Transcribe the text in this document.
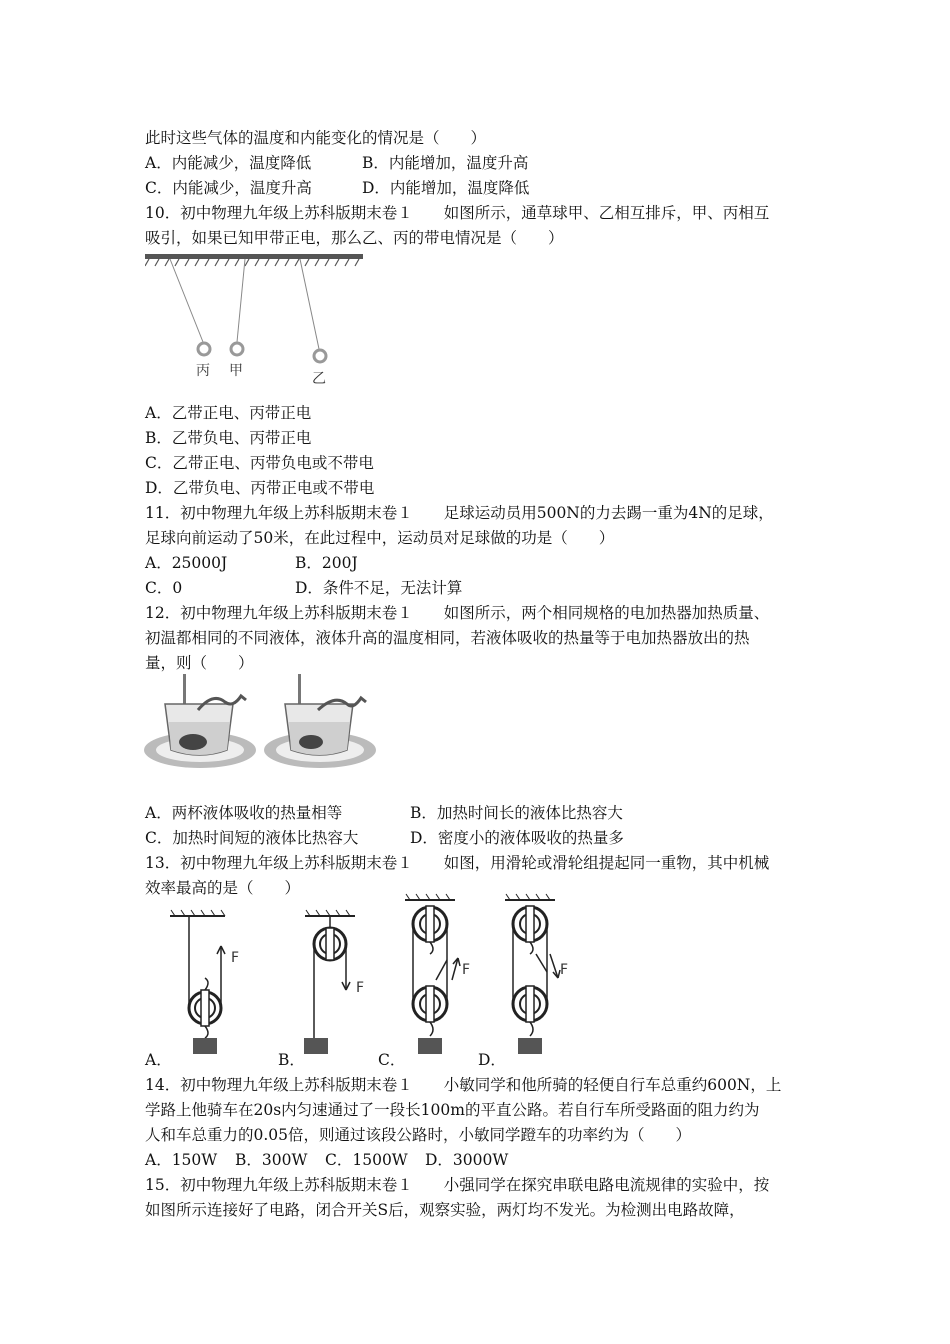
此时这些气体的温度和内能变化的情况是（　　）
A．内能减少，温度降低	B．内能增加，温度升高
C．内能减少，温度升高	D．内能增加，温度降低
10．初中物理九年级上苏科版期末卷１　　如图所示，通草球甲、乙相互排斥，甲、丙相互
吸引，如果已知甲带正电，那么乙、丙的带电情况是（　　）
丙 甲	乙
A．乙带正电、丙带正电
B．乙带负电、丙带正电
C．乙带正电、丙带负电或不带电
D．乙带负电、丙带正电或不带电
11．初中物理九年级上苏科版期末卷１　　足球运动员用500N的力去踢一重为4N的足球，
足球向前运动了50米，在此过程中，运动员对足球做的功是（　　）
A．25000J	B．200J
C．0	D．条件不足，无法计算
12．初中物理九年级上苏科版期末卷１　　如图所示，两个相同规格的电加热器加热质量、
初温都相同的不同液体，液体升高的温度相同，若液体吸收的热量等于电加热器放出的热
量，则（　　）
A．两杯液体吸收的热量相等	B．加热时间长的液体比热容大
C．加热时间短的液体比热容大	D．密度小的液体吸收的热量多
13．初中物理九年级上苏科版期末卷１　　如图，用滑轮或滑轮组提起同一重物，其中机械
效率最高的是（　　）
F
F
F	F
A．	B．	C．	D．
14．初中物理九年级上苏科版期末卷１　　小敏同学和他所骑的轻便自行车总重约600N，上
学路上他骑车在20s内匀速通过了一段长100m的平直公路。若自行车所受路面的阻力约为
人和车总重力的0.05倍，则通过该段公路时，小敏同学蹬车的功率约为（　　）
A．150W B．300W C．1500W D．3000W
15．初中物理九年级上苏科版期末卷１　　小强同学在探究串联电路电流规律的实验中，按
如图所示连接好了电路，闭合开关S后，观察实验，两灯均不发光。为检测出电路故障，
